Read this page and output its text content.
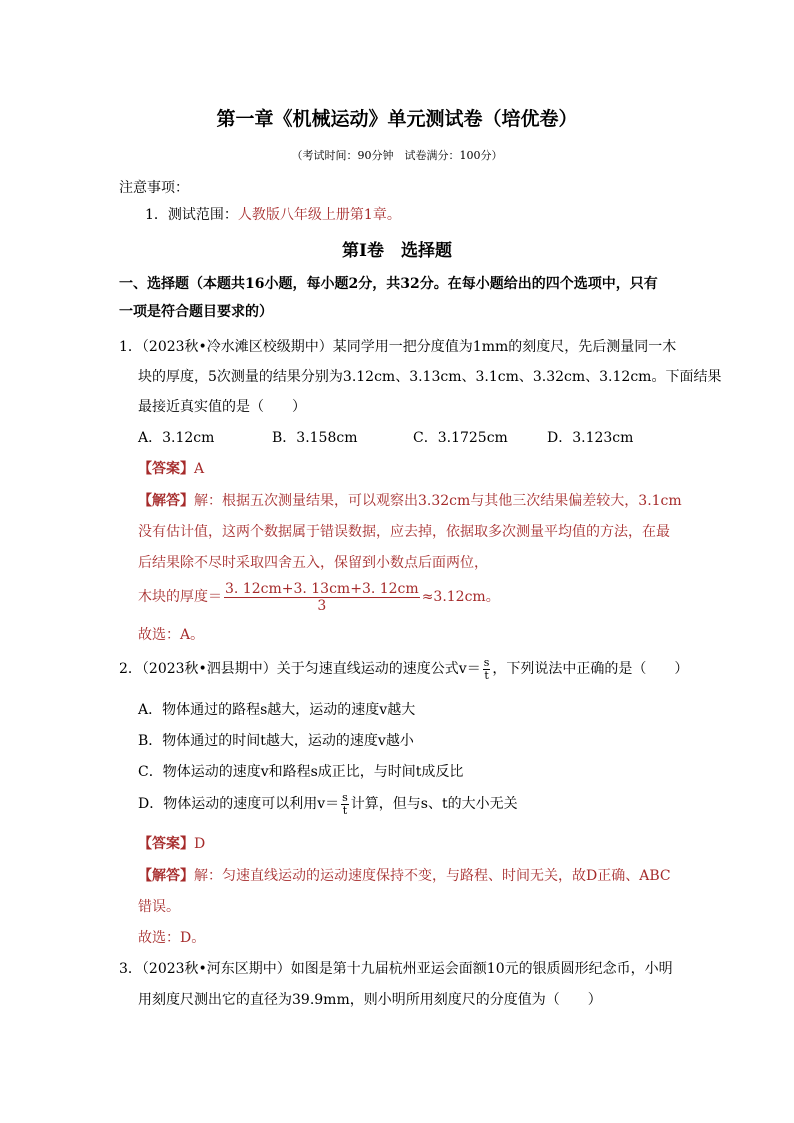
第一章《机械运动》单元测试卷（培优卷）
（考试时间：90分钟　试卷满分：100分）
注意事项：
1．测试范围：人教版八年级上册第1章。
第Ⅰ卷　选择题
一、选择题（本题共16小题，每小题2分，共32分。在每小题给出的四个选项中，只有
一项是符合题目要求的）
1．（2023秋•冷水滩区校级期中）某同学用一把分度值为1mm的刻度尺，先后测量同一木
块的厚度，5次测量的结果分别为3.12cm、3.13cm、3.1cm、3.32cm、3.12cm。下面结果
最接近真实值的是（　　）
A．3.12cm	B．3.158cm	C．3.1725cm	D．3.123cm
【答案】A
【解答】解：根据五次测量结果，可以观察出3.32cm与其他三次结果偏差较大，3.1cm
没有估计值，这两个数据属于错误数据，应去掉，依据取多次测量平均值的方法，在最
后结果除不尽时采取四舍五入，保留到小数点后面两位，
木块的厚度＝ $\frac{3. 12cm+3. 13cm+3. 12cm}{3} \approx 3.12cm$。
故选：A。
2．（2023秋•泗县期中）关于匀速直线运动的速度公式$v= \frac{s}{t}$ ，下列说法中正确的是（　　）
A．物体通过的路程s越大，运动的速度v越大
B．物体通过的时间t越大，运动的速度v越小
C．物体运动的速度v和路程s成正比，与时间t成反比
D．物体运动的速度可以利用$v= \frac{s}{t}$ 计算，但与s、t的大小无关
【答案】D
【解答】解：匀速直线运动的运动速度保持不变，与路程、时间无关，故D正确、ABC
错误。
故选：D。
3．（2023秋•河东区期中）如图是第十九届杭州亚运会面额10元的银质圆形纪念币，小明
用刻度尺测出它的直径为39.9mm，则小明所用刻度尺的分度值为（　　）
